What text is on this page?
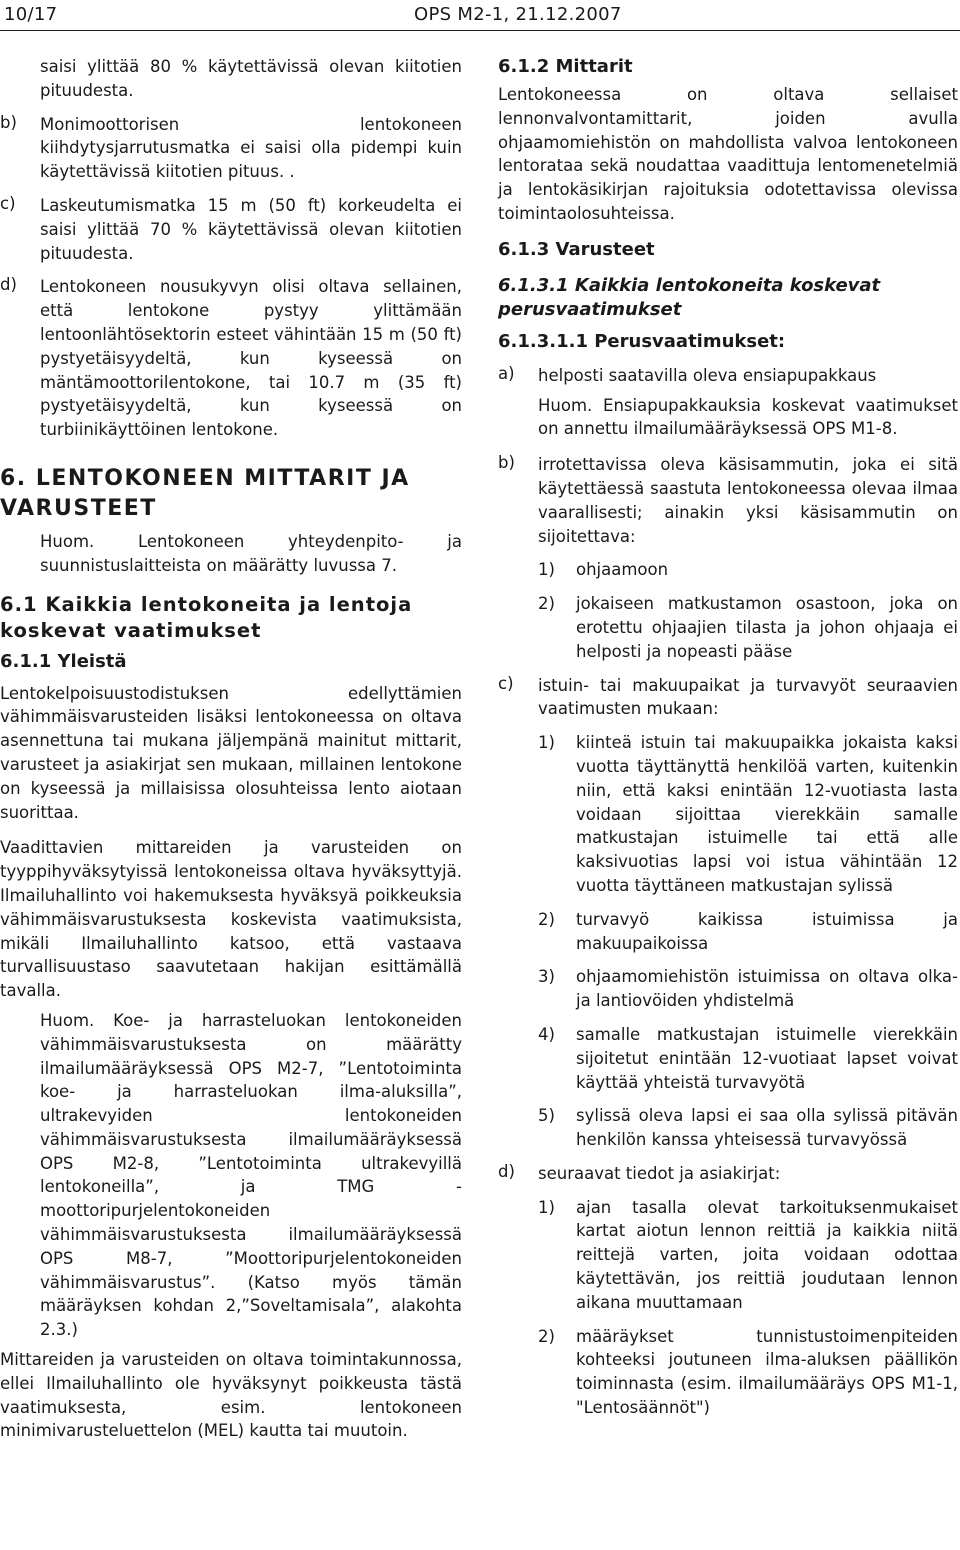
10/17	OPS M2-1, 21.12.2007

saisi ylittää 80 % käytettävissä olevan kiitotien pituudesta.

b)	Monimoottorisen lentokoneen kiihdytysjarrutusmatka ei saisi olla pidempi kuin käytettävissä kiitotien pituus. .
c)	Laskeutumismatka 15 m (50 ft) korkeudelta ei saisi ylittää 70 % käytettävissä olevan kiitotien pituudesta.
d)	Lentokoneen nousukyvyn olisi oltava sellainen, että lentokone pystyy ylittämään lentoonlähtösektorin esteet vähintään 15 m (50 ft) pystyetäisyydeltä, kun kyseessä on mäntämoottorilentokone, tai 10.7 m (35 ft) pystyetäisyydeltä, kun kyseessä on turbiinikäyttöinen lentokone.
6. LENTOKONEEN MITTARIT JA VARUSTEET

Huom. Lentokoneen yhteydenpito- ja suunnistuslaitteista on määrätty luvussa 7.

6.1 Kaikkia lentokoneita ja lentoja koskevat vaatimukset
6.1.1 Yleistä

Lentokelpoisuustodistuksen edellyttämien vähimmäisvarusteiden lisäksi lentokoneessa on oltava asennettuna tai mukana jäljempänä mainitut mittarit, varusteet ja asiakirjat sen mukaan, millainen lentokone on kyseessä ja millaisissa olosuhteissa lento aiotaan suorittaa.

Vaadittavien mittareiden ja varusteiden on tyyppihyväksytyissä lentokoneissa oltava hyväksyttyjä. Ilmailuhallinto voi hakemuksesta hyväksyä poikkeuksia vähimmäisvarustuksesta koskevista vaatimuksista, mikäli Ilmailuhallinto katsoo, että vastaava turvallisuustaso saavutetaan hakijan esittämällä tavalla.

Huom. Koe- ja harrasteluokan lentokoneiden vähimmäisvarustuksesta on määrätty ilmailumääräyksessä OPS M2-7, ”Lentotoiminta koe- ja harrasteluokan ilma-aluksilla”, ultrakevyiden lentokoneiden vähimmäisvarustuksesta ilmailumääräyksessä OPS M2-8, ”Lentotoiminta ultrakevyillä lentokoneilla”, ja TMG -moottoripurjelentokoneiden vähimmäisvarustuksesta ilmailumääräyksessä OPS M8-7, ”Moottoripurjelentokoneiden vähimmäisvarustus”. (Katso myös tämän määräyksen kohdan 2,”Soveltamisala”, alakohta 2.3.)

Mittareiden ja varusteiden on oltava toimintakunnossa, ellei Ilmailuhallinto ole hyväksynyt poikkeusta tästä vaatimuksesta, esim. lentokoneen minimivarusteluettelon (MEL) kautta tai muutoin.

6.1.2 Mittarit

Lentokoneessa on oltava sellaiset lennonvalvontamittarit, joiden avulla ohjaamomiehistön on mahdollista valvoa lentokoneen lentorataa sekä noudattaa vaadittuja lentomenetelmiä ja lentokäsikirjan rajoituksia odotettavissa olevissa toimintaolosuhteissa.

6.1.3 Varusteet
6.1.3.1 Kaikkia lentokoneita koskevat perusvaatimukset
6.1.3.1.1 Perusvaatimukset:
a)	helposti saatavilla oleva ensiapupakkaus

Huom. Ensiapupakkauksia koskevat vaatimukset on annettu ilmailumääräyksessä OPS M1-8.

b)	irrotettavissa oleva käsisammutin, joka ei sitä käytettäessä saastuta lentokoneessa olevaa ilmaa vaarallisesti; ainakin yksi käsisammutin on sijoitettava:
1)	ohjaamoon
2)	jokaiseen matkustamon osastoon, joka on erotettu ohjaajien tilasta ja johon ohjaaja ei helposti ja nopeasti pääse
c)	istuin- tai makuupaikat ja turvavyöt seuraavien vaatimusten mukaan:
1)	kiinteä istuin tai makuupaikka jokaista kaksi vuotta täyttänyttä henkilöä varten, kuitenkin niin, että kaksi enintään 12-vuotiasta lasta voidaan sijoittaa vierekkäin samalle matkustajan istuimelle tai että alle kaksivuotias lapsi voi istua vähintään 12 vuotta täyttäneen matkustajan sylissä
2)	turvavyö kaikissa istuimissa ja makuupaikoissa
3)	ohjaamomiehistön istuimissa on oltava olka- ja lantiovöiden yhdistelmä
4)	samalle matkustajan istuimelle vierekkäin sijoitetut enintään 12-vuotiaat lapset voivat käyttää yhteistä turvavyötä
5)	sylissä oleva lapsi ei saa olla sylissä pitävän henkilön kanssa yhteisessä turvavyössä
d)	seuraavat tiedot ja asiakirjat:
1)	ajan tasalla olevat tarkoituksenmukaiset kartat aiotun lennon reittiä ja kaikkia niitä reittejä varten, joita voidaan odottaa käytettävän, jos reittiä joudutaan lennon aikana muuttamaan
2)	määräykset tunnistustoimenpiteiden kohteeksi joutuneen ilma-aluksen päällikön toiminnasta (esim. ilmailumääräys OPS M1-1, "Lentosäännöt")
